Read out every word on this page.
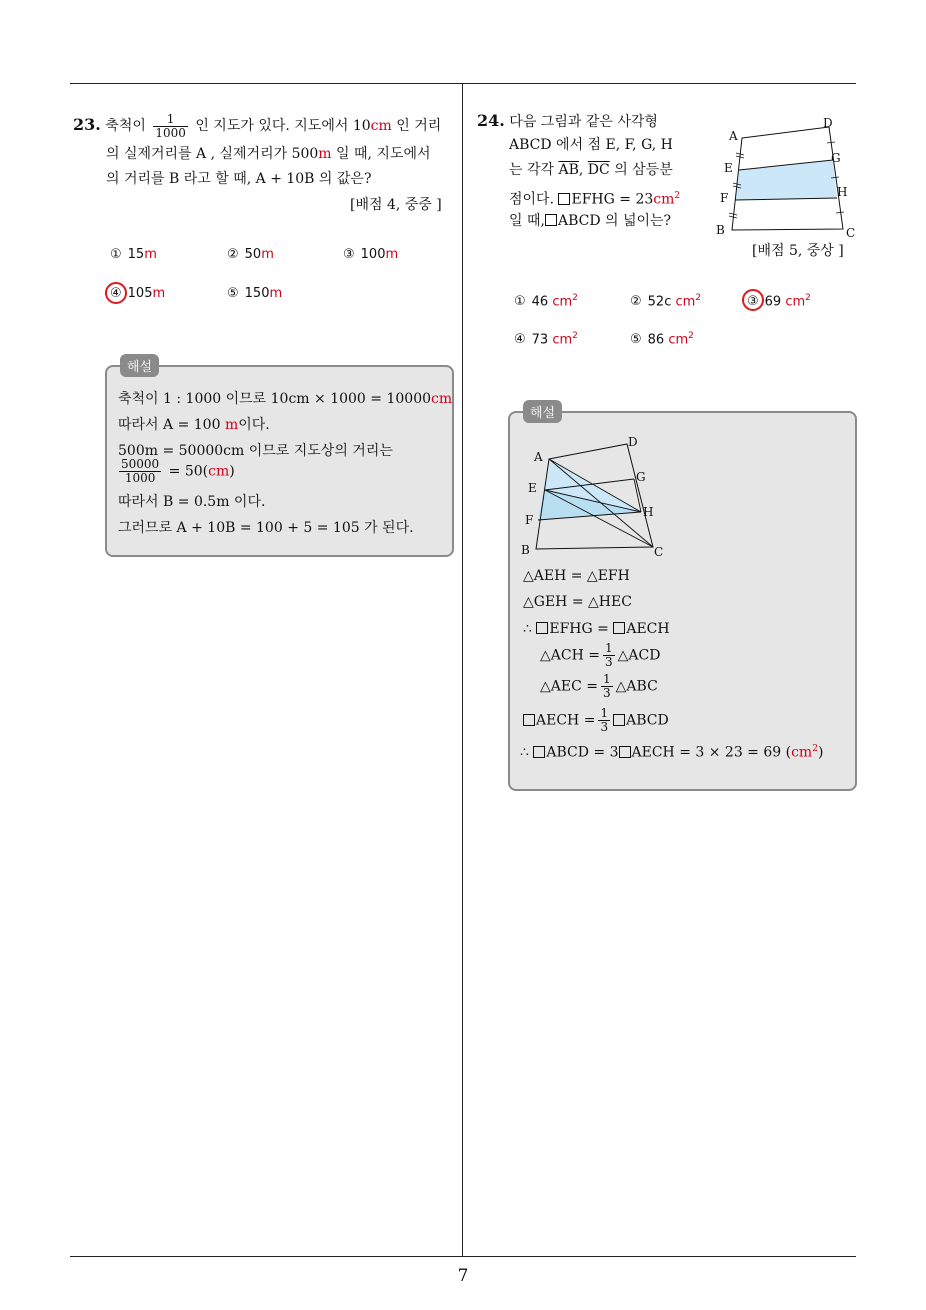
23. 축척이 $\frac{1}{1000}$ 인 지도가 있다. 지도에서 10cm 인 거리
의 실제거리를 A , 실제거리가 500m 일 때, 지도에서
의 거리를 B 라고 할 때, A + 10B 의 값은?
[배점 4, 중중 ]
① 15m	② 50m	③ 100m
④ 105m	⑤ 150m
해설
축척이 1 : 1000 이므로 10cm × 1000 = 10000cm
따라서 A = 100 m이다.
500m = 50000cm 이므로 지도상의 거리는
$\frac{50000}{1000} = 50(cm)$
따라서 B = 0.5m 이다.
그러므로 A + 10B = 100 + 5 = 105 가 된다.
24. 다음 그림과 같은 사각형
ABCD 에서 점 E, F, G, H
는 각각 $\overline{AB}$, $\overline{DC}$ 의 삼등분
점이다. EFHG = $23cm^2$
일 때, ABCD 의 넓이는?
[배점 5, 중상 ]
A
D
E
G
F	H
B	C
① 46 $cm^2$	② 52c $cm^2$	③ 69 $cm^2$
④ 73 $cm^2$	⑤ 86 $cm^2$
해설
A
D
E
G
F
H
B	C
△AEH = △EFH
△GEH = △HEC
∴ EFHG = AECH
△ACH = $\frac{1}{3}$ △ACD
△AEC = $\frac{1}{3}$ △ABC
AECH = $\frac{1}{3}$ ABCD
∴ ABCD = 3 AECH = 3 × 23 = 69 $(cm^2)$
7
